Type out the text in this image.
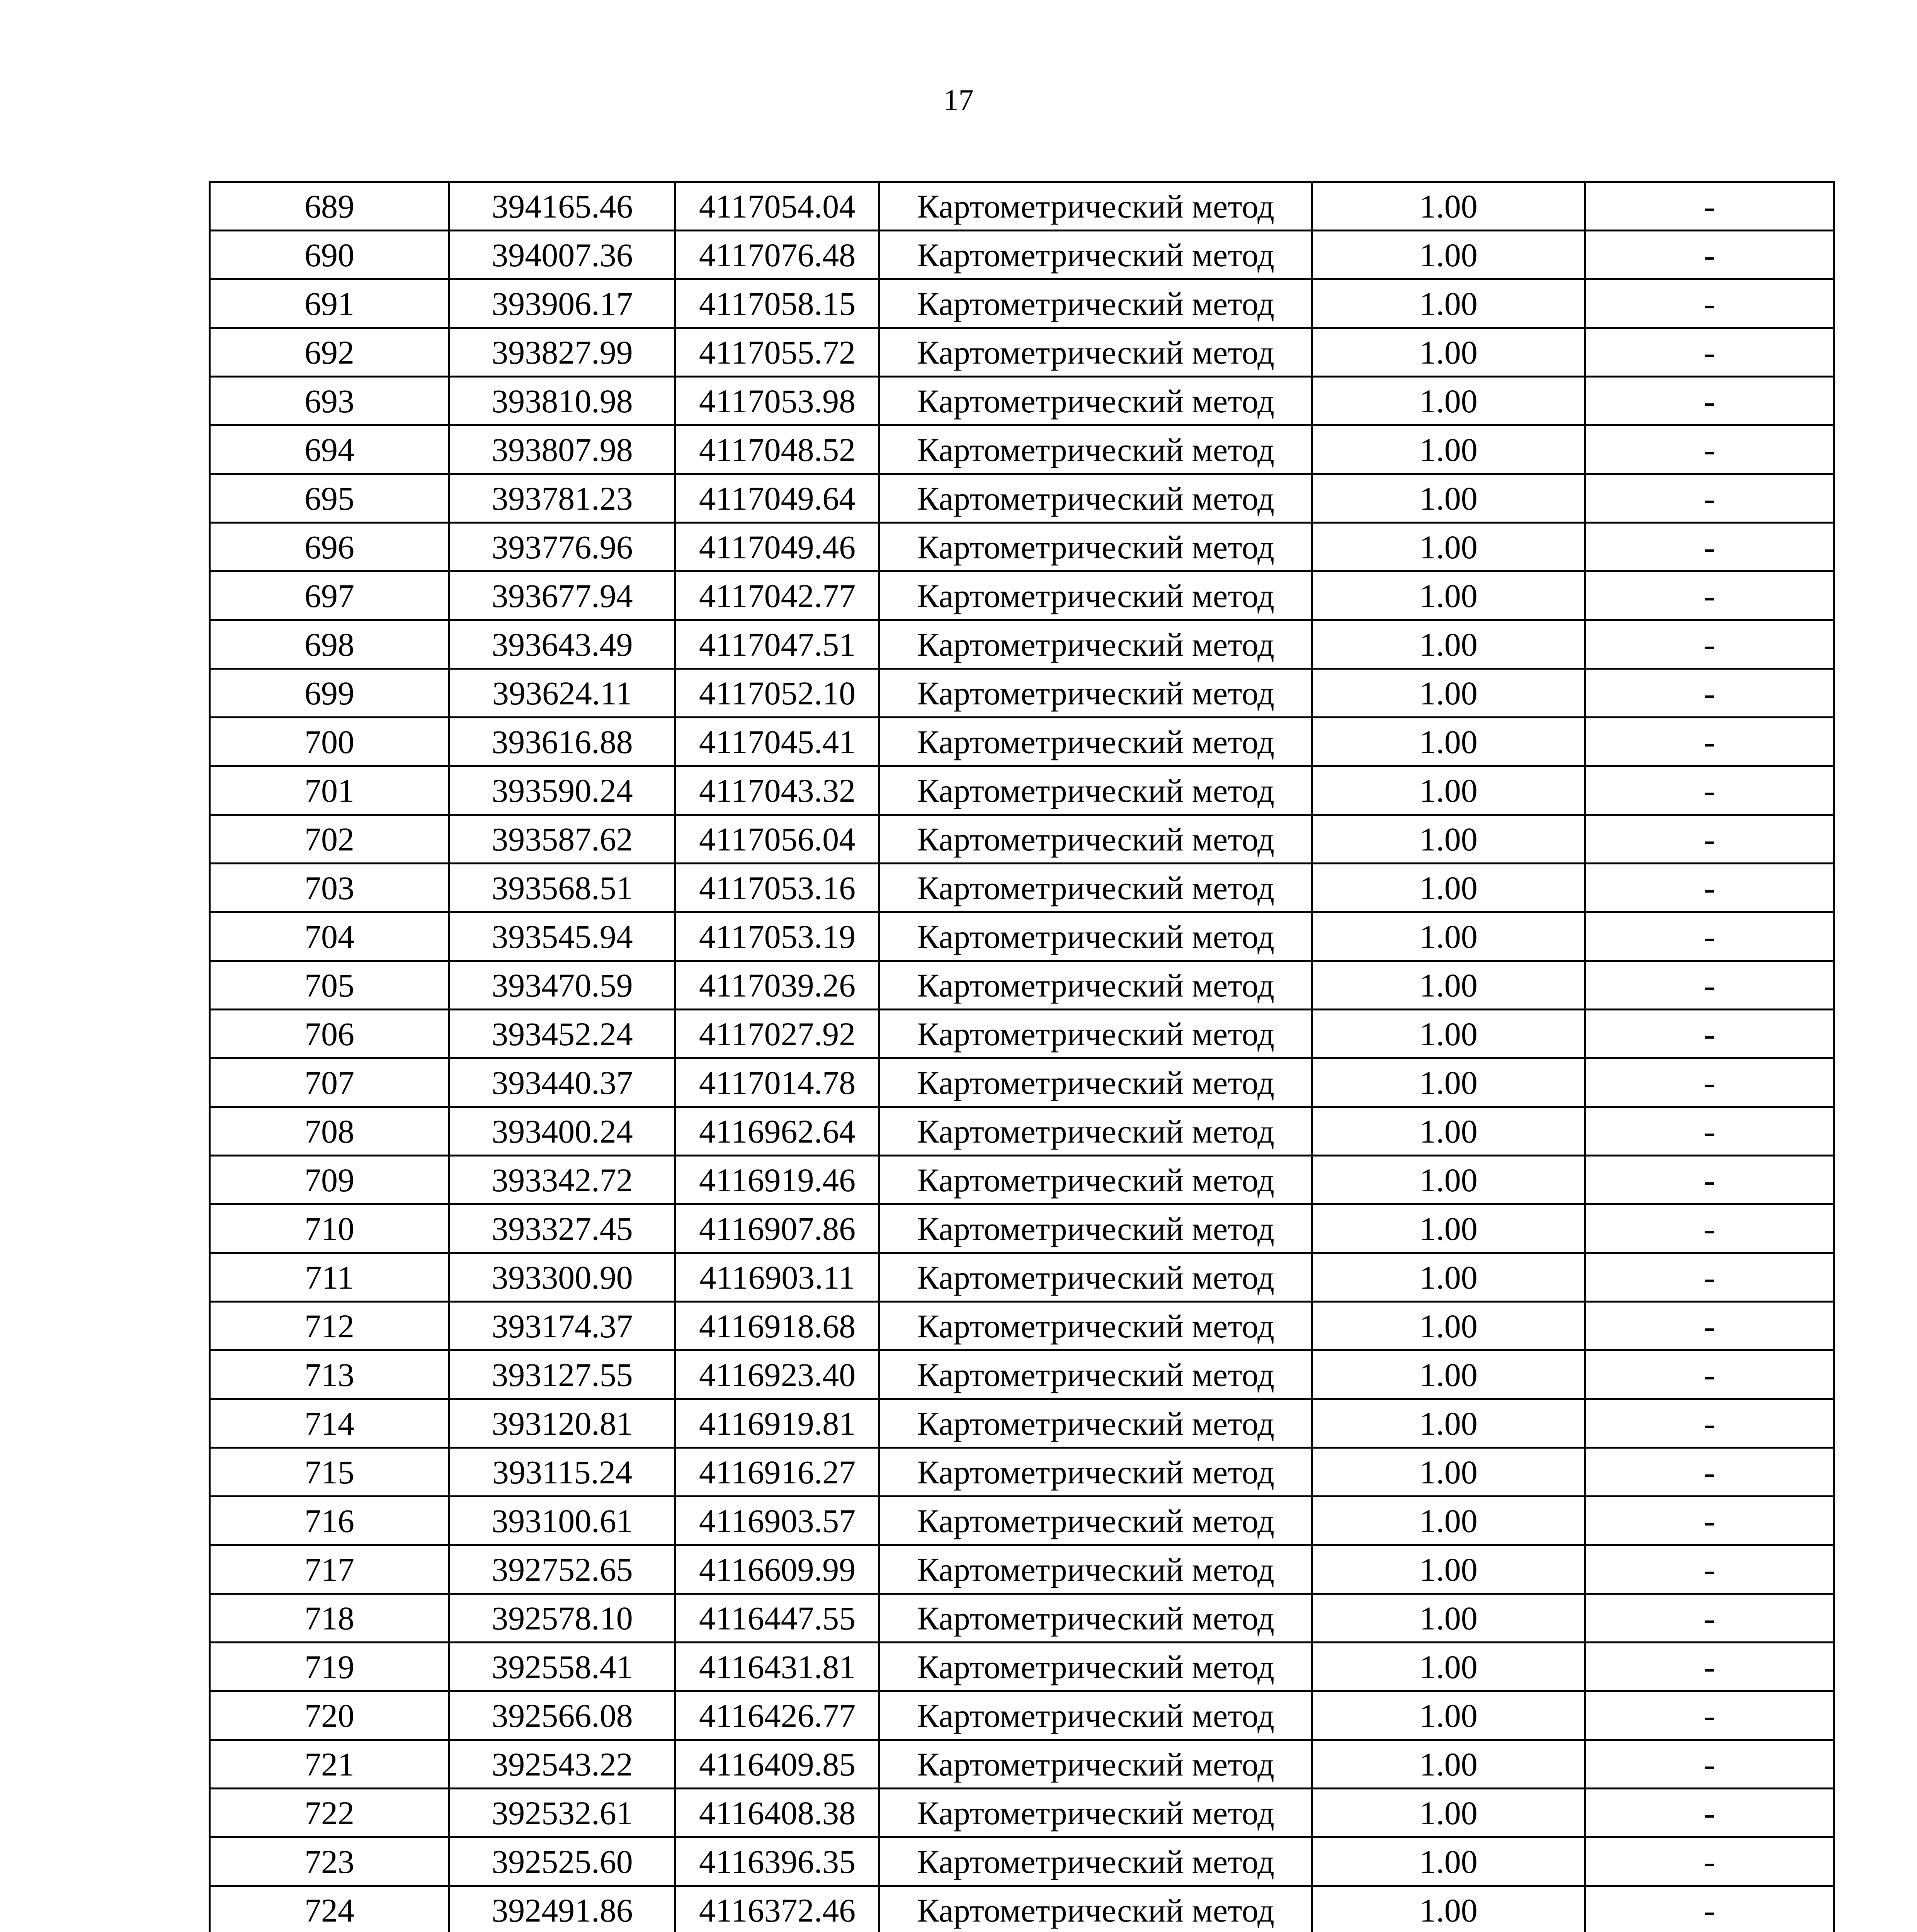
17
689	394165.46	4117054.04	Картометрический метод	1.00	-
690	394007.36	4117076.48	Картометрический метод	1.00	-
691	393906.17	4117058.15	Картометрический метод	1.00	-
692	393827.99	4117055.72	Картометрический метод	1.00	-
693	393810.98	4117053.98	Картометрический метод	1.00	-
694	393807.98	4117048.52	Картометрический метод	1.00	-
695	393781.23	4117049.64	Картометрический метод	1.00	-
696	393776.96	4117049.46	Картометрический метод	1.00	-
697	393677.94	4117042.77	Картометрический метод	1.00	-
698	393643.49	4117047.51	Картометрический метод	1.00	-
699	393624.11	4117052.10	Картометрический метод	1.00	-
700	393616.88	4117045.41	Картометрический метод	1.00	-
701	393590.24	4117043.32	Картометрический метод	1.00	-
702	393587.62	4117056.04	Картометрический метод	1.00	-
703	393568.51	4117053.16	Картометрический метод	1.00	-
704	393545.94	4117053.19	Картометрический метод	1.00	-
705	393470.59	4117039.26	Картометрический метод	1.00	-
706	393452.24	4117027.92	Картометрический метод	1.00	-
707	393440.37	4117014.78	Картометрический метод	1.00	-
708	393400.24	4116962.64	Картометрический метод	1.00	-
709	393342.72	4116919.46	Картометрический метод	1.00	-
710	393327.45	4116907.86	Картометрический метод	1.00	-
711	393300.90	4116903.11	Картометрический метод	1.00	-
712	393174.37	4116918.68	Картометрический метод	1.00	-
713	393127.55	4116923.40	Картометрический метод	1.00	-
714	393120.81	4116919.81	Картометрический метод	1.00	-
715	393115.24	4116916.27	Картометрический метод	1.00	-
716	393100.61	4116903.57	Картометрический метод	1.00	-
717	392752.65	4116609.99	Картометрический метод	1.00	-
718	392578.10	4116447.55	Картометрический метод	1.00	-
719	392558.41	4116431.81	Картометрический метод	1.00	-
720	392566.08	4116426.77	Картометрический метод	1.00	-
721	392543.22	4116409.85	Картометрический метод	1.00	-
722	392532.61	4116408.38	Картометрический метод	1.00	-
723	392525.60	4116396.35	Картометрический метод	1.00	-
724	392491.86	4116372.46	Картометрический метод	1.00	-
